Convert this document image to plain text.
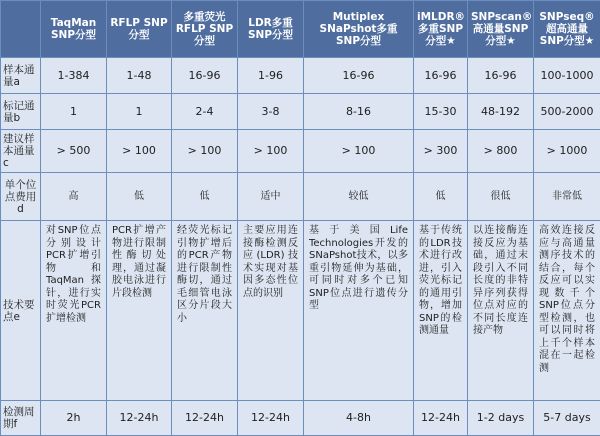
	TaqMan SNP分型	RFLP SNP分型	多重荧光 RFLP SNP分型	LDR多重 SNP分型	Mutiplex SNaPshot多重 SNP分型	iMLDR®多重SNP分型★	SNPscan®高通量SNP分型★	SNPseq®超高通量SNP分型★
样本通量a	1-384	1-48	16-96	1-96	16-96	16-96	16-96	100-1000
标记通量b	1	1	2-4	3-8	8-16	15-30	48-192	500-2000
建议样本通量c	> 500	> 100	> 100	> 100	> 100	> 300	> 800	> 1000
单个位点费用d	高	低	低	适中	较低	低	很低	非常低
技术要点e	对SNP位点分别设计PCR扩增引物和TaqMan探针，进行实时荧光PCR扩增检测	PCR扩增产物进行限制性酶切处理，通过凝胶电泳进行片段检测	经荧光标记引物扩增后的PCR产物进行限制性酶切，通过毛细管电泳区分片段大小	主要应用连接酶检测反应(LDR)技术实现对基因多态性位点的识别	基于美国Life Technologies开发的SNaPshot技术，以多重引物延伸为基础，可同时对多个已知SNP位点进行遗传分型	基于传统的LDR技术进行改进，引入荧光标记的通用引物，增加SNP的检测通量	以连接酶连接反应为基础，通过末段引入不同长度的非特异序列获得位点对应的不同长度连接产物	高效连接反应与高通量测序技术的结合，每个反应可以实现数千个SNP位点分型检测，也可以同时将上千个样本混在一起检测
检测周期f	2h	12-24h	12-24h	12-24h	4-8h	12-24h	1-2 days	5-7 days
